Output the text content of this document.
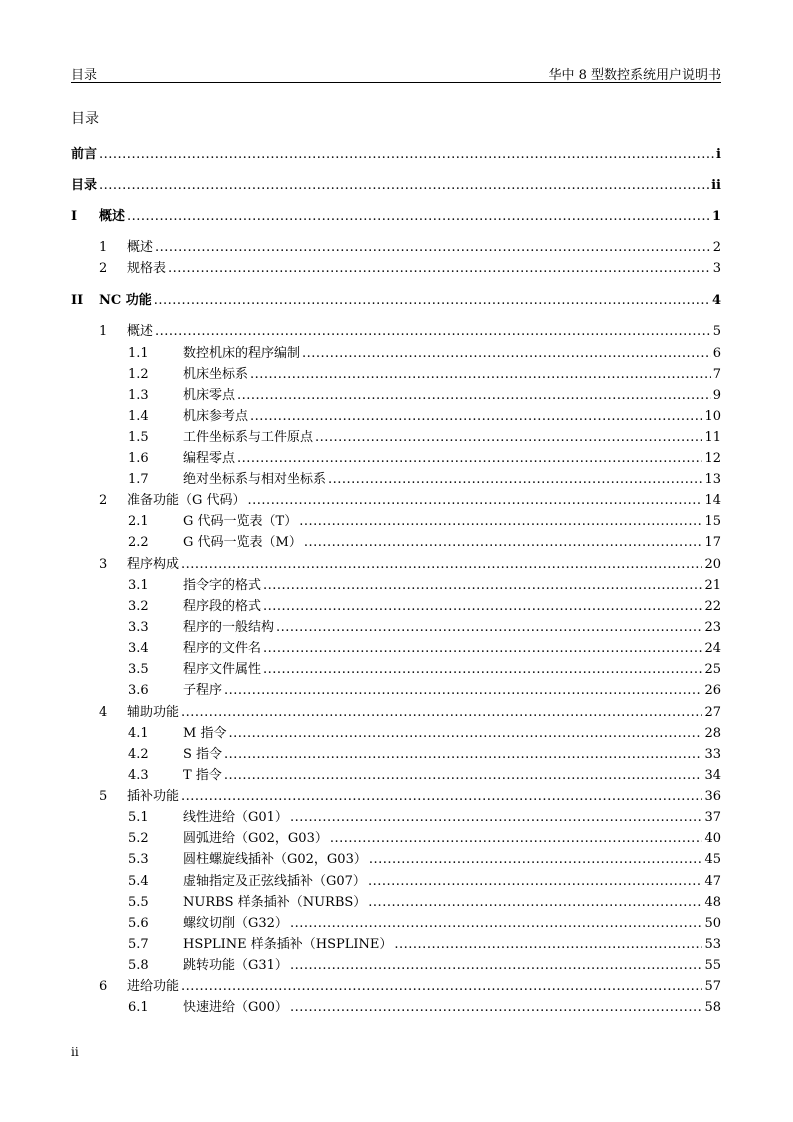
目录	华中 8 型数控系统用户说明书
目录
前言 .....	i
目录 .....	ii
I	概述 .....	1
1	概述 .....	2
2	规格表 .....	3
II	NC 功能 .....	4
1	概述 .....	5
1.1	数控机床的程序编制 .....	6
1.2	机床坐标系 .....	7
1.3	机床零点 .....	9
1.4	机床参考点 .....	10
1.5	工件坐标系与工件原点 .....	11
1.6	编程零点 .....	12
1.7	绝对坐标系与相对坐标系 .....	13
2	准备功能（G 代码） .....	14
2.1	G 代码一览表（T） .....	15
2.2	G 代码一览表（M） .....	17
3	程序构成 .....	20
3.1	指令字的格式 .....	21
3.2	程序段的格式 .....	22
3.3	程序的一般结构 .....	23
3.4	程序的文件名 .....	24
3.5	程序文件属性 .....	25
3.6	子程序 .....	26
4	辅助功能 .....	27
4.1	M 指令 .....	28
4.2	S 指令 .....	33
4.3	T 指令 .....	34
5	插补功能 .....	36
5.1	线性进给（G01） .....	37
5.2	圆弧进给（G02，G03） .....	40
5.3	圆柱螺旋线插补（G02，G03） .....	45
5.4	虚轴指定及正弦线插补（G07） .....	47
5.5	NURBS 样条插补（NURBS） .....	48
5.6	螺纹切削（G32） .....	50
5.7	HSPLINE 样条插补（HSPLINE） .....	53
5.8	跳转功能（G31） .....	55
6	进给功能 .....	57
6.1	快速进给（G00） .....	58
ii
